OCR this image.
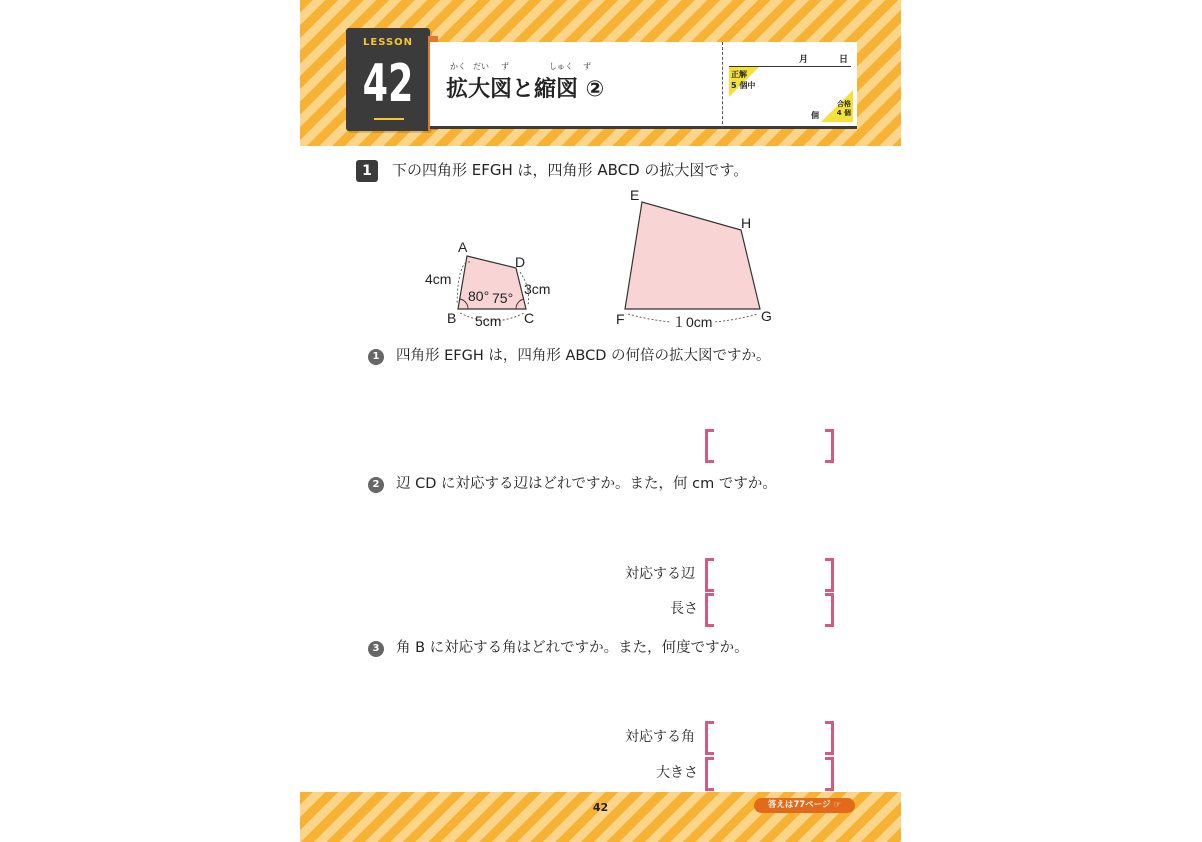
LESSON
42	かく だい ず	しゅく ず
拡大図と縮図 ②
月	日
正解
5 個中
個
合格
4 個
1 下の四角形 EFGH は，四角形 ABCD の拡大図です。
A
B	C
D
4cm
5cm
3cm
80° 75°
E
F	G
H
１0cm
1 四角形 EFGH は，四角形 ABCD の何倍の拡大図ですか。
2 辺 CD に対応する辺はどれですか。また，何 cm ですか。
対応する辺
長さ
3 角 B に対応する角はどれですか。また，何度ですか。
対応する角
大きさ
42	答えは77ページ ☞
